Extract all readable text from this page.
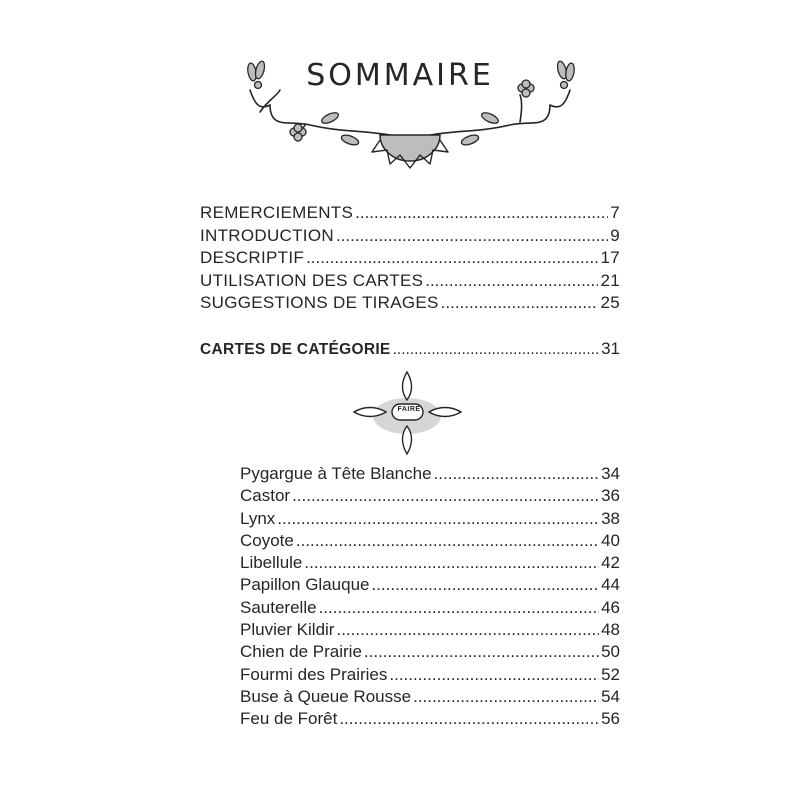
SOMMAIRE
REMERCIEMENTS .....	7
INTRODUCTION .....	9
DESCRIPTIF .....	17
UTILISATION DES CARTES .....	21
SUGGESTIONS DE TIRAGES .....	25
CARTES DE CATÉGORIE .....	31
FAIRE
Pygargue à Tête Blanche .....	34
Castor .....	36
Lynx .....	38
Coyote .....	40
Libellule .....	42
Papillon Glauque .....	44
Sauterelle .....	46
Pluvier Kildir .....	48
Chien de Prairie .....	50
Fourmi des Prairies .....	52
Buse à Queue Rousse .....	54
Feu de Forêt .....	56
